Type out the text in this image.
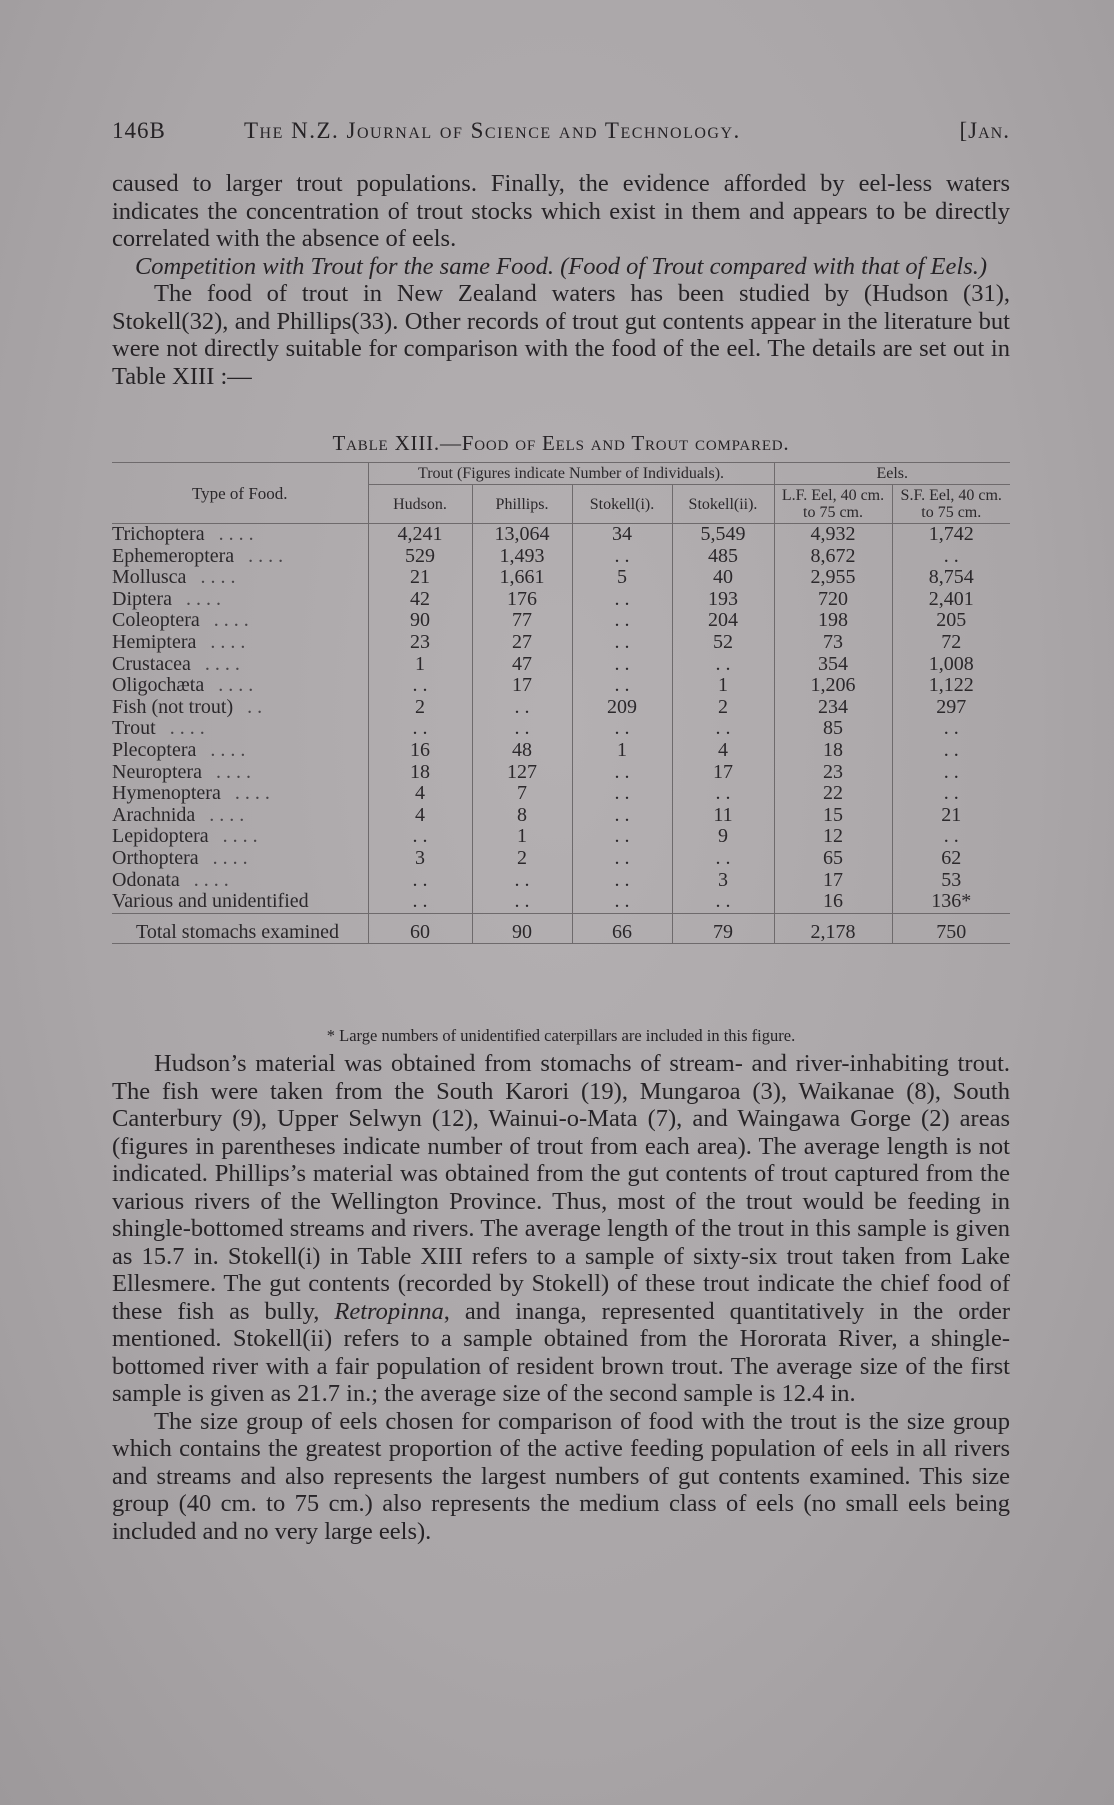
146B	The N.Z. Journal of Science and Technology.	[Jan.

caused to larger trout populations. Finally, the evidence afforded by eel-less waters indicates the concentration of trout stocks which exist in them and appears to be directly correlated with the absence of eels.

Competition with Trout for the same Food. (Food of Trout compared with that of Eels.)

The food of trout in New Zealand waters has been studied by (Hudson (31), Stokell(32), and Phillips(33). Other records of trout gut contents appear in the literature but were not directly suitable for comparison with the food of the eel. The details are set out in Table XIII :—

Table XIII.—Food of Eels and Trout compared.
Type of Food.	Trout (Figures indicate Number of Individuals).				Eels.	
	Hudson.	Phillips.	Stokell(i).	Stokell(ii).	L.F. Eel, 40 cm. to 75 cm.	S.F. Eel, 40 cm. to 75 cm.
Trichoptera . . . .	4,241	13,064	34	5,549	4,932	1,742
Ephemeroptera . . . .	529	1,493	. .	485	8,672	. .
Mollusca . . . .	21	1,661	5	40	2,955	8,754
Diptera . . . .	42	176	. .	193	720	2,401
Coleoptera . . . .	90	77	. .	204	198	205
Hemiptera . . . .	23	27	. .	52	73	72
Crustacea . . . .	1	47	. .	. .	354	1,008
Oligochæta . . . .	. .	17	. .	1	1,206	1,122
Fish (not trout) . .	2	. .	209	2	234	297
Trout . . . .	. .	. .	. .	. .	85	. .
Plecoptera . . . .	16	48	1	4	18	. .
Neuroptera . . . .	18	127	. .	17	23	. .
Hymenoptera . . . .	4	7	. .	. .	22	. .
Arachnida . . . .	4	8	. .	11	15	21
Lepidoptera . . . .	. .	1	. .	9	12	. .
Orthoptera . . . .	3	2	. .	. .	65	62
Odonata . . . .	. .	. .	. .	3	17	53
Various and unidentified	. .	. .	. .	. .	16	136*
Total stomachs examined	60	90	66	79	2,178	750
* Large numbers of unidentified caterpillars are included in this figure.

Hudson’s material was obtained from stomachs of stream- and river-inhabiting trout. The fish were taken from the South Karori (19), Mungaroa (3), Waikanae (8), South Canterbury (9), Upper Selwyn (12), Wainui-o-Mata (7), and Waingawa Gorge (2) areas (figures in parentheses indicate number of trout from each area). The average length is not indicated. Phillips’s material was obtained from the gut contents of trout captured from the various rivers of the Wellington Province. Thus, most of the trout would be feeding in shingle-bottomed streams and rivers. The average length of the trout in this sample is given as 15.7 in. Stokell(i) in Table XIII refers to a sample of sixty-six trout taken from Lake Ellesmere. The gut contents (recorded by Stokell) of these trout indicate the chief food of these fish as bully, Retropinna, and inanga, represented quantitatively in the order mentioned. Stokell(ii) refers to a sample obtained from the Hororata River, a shingle-bottomed river with a fair population of resident brown trout. The average size of the first sample is given as 21.7 in.; the average size of the second sample is 12.4 in.

The size group of eels chosen for comparison of food with the trout is the size group which contains the greatest proportion of the active feeding population of eels in all rivers and streams and also represents the largest numbers of gut contents examined. This size group (40 cm. to 75 cm.) also represents the medium class of eels (no small eels being included and no very large eels).
